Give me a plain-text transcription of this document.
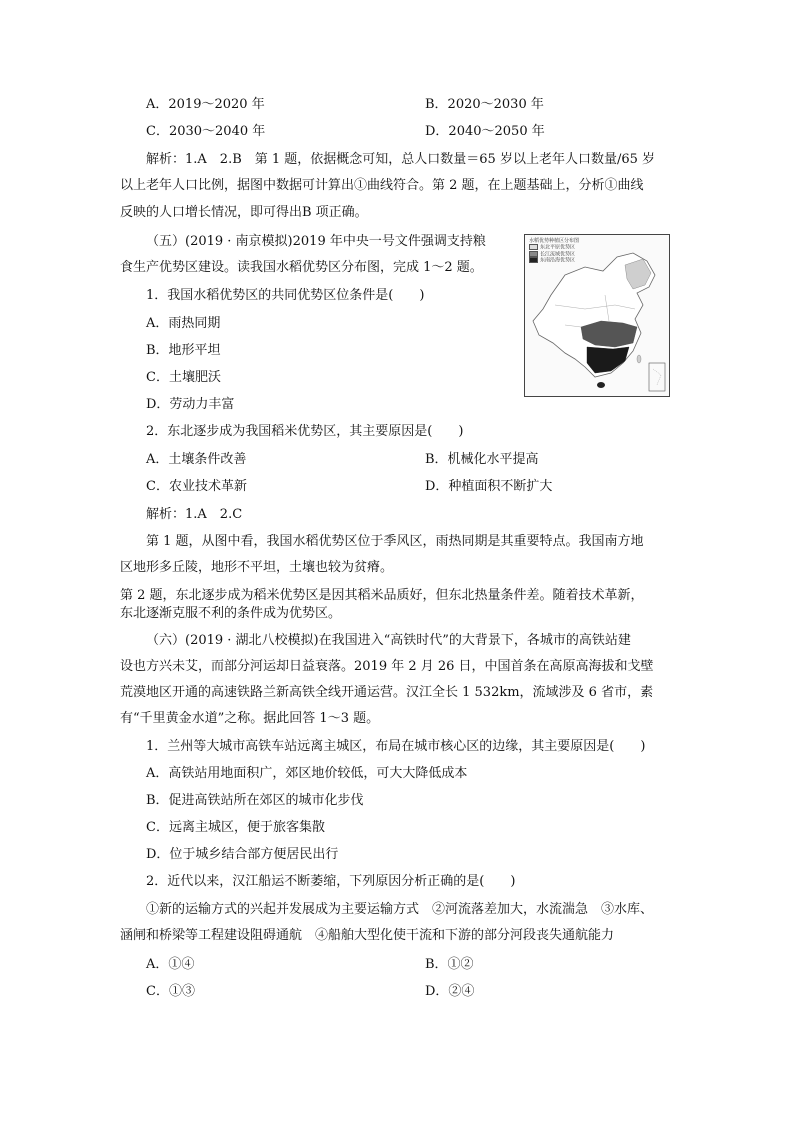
A．2019～2020 年	B．2020～2030 年
C．2030～2040 年	D．2040～2050 年
解析：1.A　2.B　第 1 题，依据概念可知，总人口数量＝65 岁以上老年人口数量/65 岁
以上老年人口比例，据图中数据可计算出①曲线符合。第 2 题，在上题基础上，分析①曲线
反映的人口增长情况，即可得出B 项正确。
（五）(2019 · 南京模拟)2019 年中央一号文件强调支持粮
食生产优势区建设。读我国水稻优势区分布图，完成 1～2 题。
水稻优势种植区分布图
东北平原优势区
长江流域优势区
东南沿海优势区
1．我国水稻优势区的共同优势区位条件是(　　)
A．雨热同期
B．地形平坦
C．土壤肥沃
D．劳动力丰富
2．东北逐步成为我国稻米优势区，其主要原因是(　　)
A．土壤条件改善	B．机械化水平提高
C．农业技术革新	D．种植面积不断扩大
解析：1.A　2.C
第 1 题，从图中看，我国水稻优势区位于季风区，雨热同期是其重要特点。我国南方地
区地形多丘陵，地形不平坦，土壤也较为贫瘠。
第 2 题，东北逐步成为稻米优势区是因其稻米品质好，但东北热量条件差。随着技术革新，
东北逐渐克服不利的条件成为优势区。
（六）(2019 · 湖北八校模拟)在我国进入“高铁时代”的大背景下，各城市的高铁站建
设也方兴未艾，而部分河运却日益衰落。2019 年 2 月 26 日，中国首条在高原高海拔和戈壁
荒漠地区开通的高速铁路兰新高铁全线开通运营。汉江全长 1 532km，流域涉及 6 省市，素
有“千里黄金水道”之称。据此回答 1～3 题。
1．兰州等大城市高铁车站远离主城区，布局在城市核心区的边缘，其主要原因是(　　)
A．高铁站用地面积广，郊区地价较低，可大大降低成本
B．促进高铁站所在郊区的城市化步伐
C．远离主城区，便于旅客集散
D．位于城乡结合部方便居民出行
2．近代以来，汉江船运不断萎缩，下列原因分析正确的是(　　)
①新的运输方式的兴起并发展成为主要运输方式　②河流落差加大，水流湍急　③水库、
涵闸和桥梁等工程建设阻碍通航　④船舶大型化使干流和下游的部分河段丧失通航能力
A．①④	B．①②
C．①③	D．②④
